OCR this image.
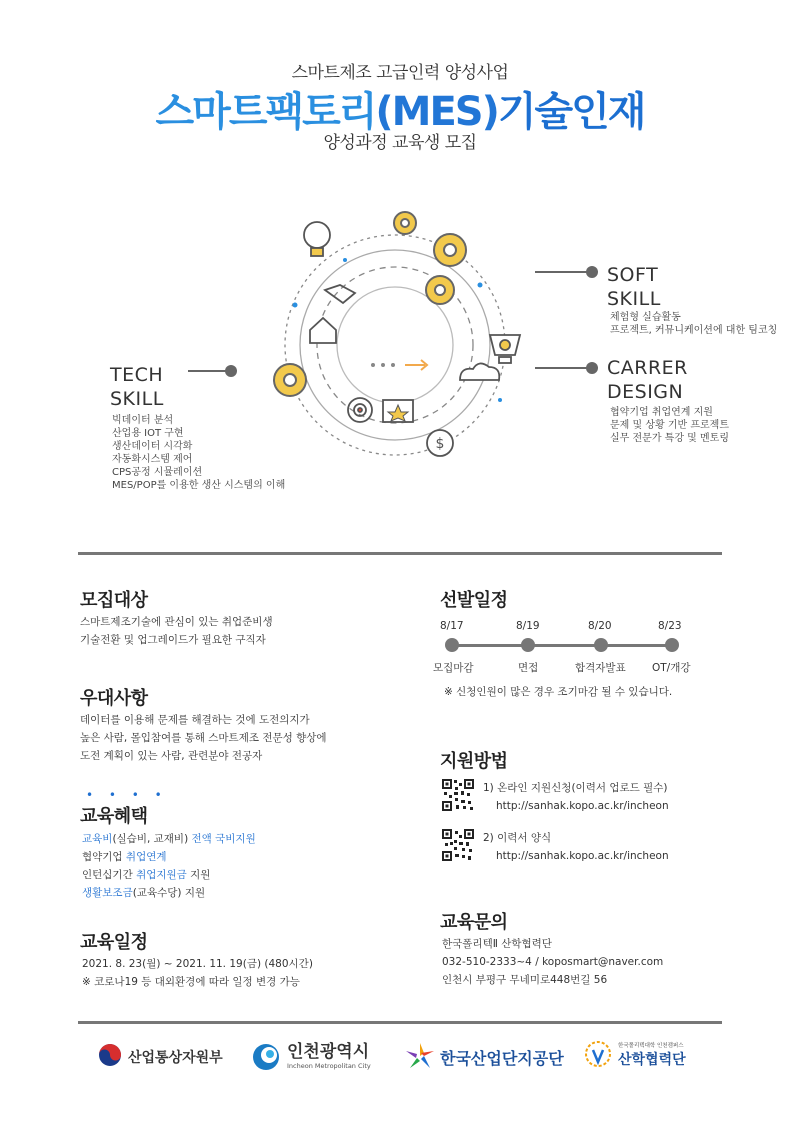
스마트제조 고급인력 양성사업
스마트팩토리(MES)기술인재
양성과정 교육생 모집
$
TECH
SKILL
빅데이터 분석
산업용 IOT 구현
생산데이터 시각화
자동화시스템 제어
CPS공정 시뮬레이션
MES/POP를 이용한 생산 시스템의 이해
SOFT
SKILL
체험형 실습활동
프로젝트, 커뮤니케이션에 대한 팀코칭
CARRER
DESIGN
협약기업 취업연계 지원
문제 및 상황 기반 프로젝트
실무 전문가 특강 및 멘토링
모집대상
스마트제조기술에 관심이 있는 취업준비생
기술전환 및 업그레이드가 필요한 구직자
우대사항
데이터를 이용해 문제를 해결하는 것에 도전의지가
높은 사람, 몰입참여를 통해 스마트제조 전문성 향상에
도전 계획이 있는 사람, 관련분야 전공자
• • • •
교육혜택
교육비(실습비, 교재비) 전액 국비지원
협약기업 취업연계
인턴십기간 취업지원금 지원
생활보조금(교육수당) 지원
교육일정
2021. 8. 23(월) ~ 2021. 11. 19(금) (480시간)
※ 코로나19 등 대외환경에 따라 일정 변경 가능
선발일정
8/17	8/19	8/20	8/23
모집마감	면접	합격자발표	OT/개강
※ 신청인원이 많은 경우 조기마감 될 수 있습니다.
지원방법
1) 온라인 지원신청(이력서 업로드 필수)
http://sanhak.kopo.ac.kr/incheon
2) 이력서 양식
http://sanhak.kopo.ac.kr/incheon
교육문의
한국폴리텍Ⅱ 산학협력단
032-510-2333~4 / koposmart@naver.com
인천시 부평구 무네미로448번길 56
산업통상자원부	인천광역시
Incheon Metropolitan City	한국산업단지공단
한국폴리텍대학 인천캠퍼스
산학협력단
